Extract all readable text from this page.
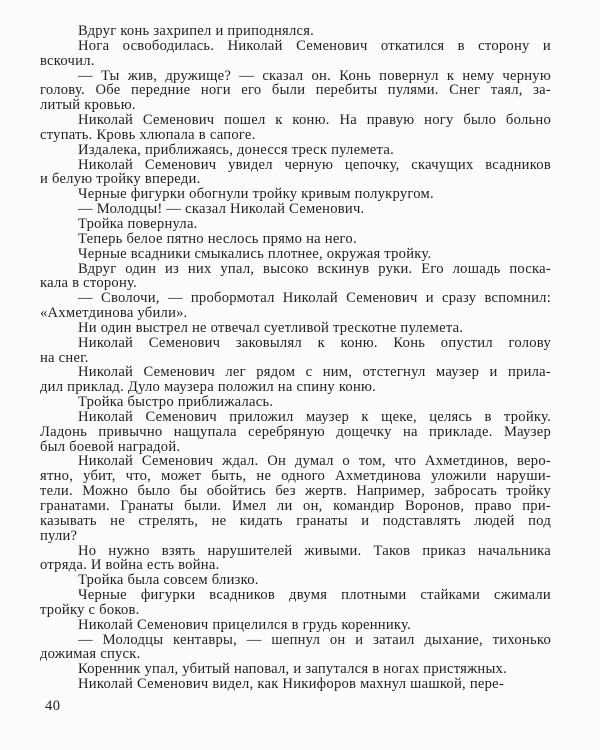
Вдруг конь захрипел и приподнялся.
Нога освободилась. Николай Семенович откатился в сторону и
вскочил.
— Ты жив, дружище? — сказал он. Конь повернул к нему черную
голову. Обе передние ноги его были перебиты пулями. Снег таял, за-
литый кровью.
Николай Семенович пошел к коню. На правую ногу было больно
ступать. Кровь хлюпала в сапоге.
Издалека, приближаясь, донесся треск пулемета.
Николай Семенович увидел черную цепочку, скачущих всадников
и белую тройку впереди.
Черные фигурки обогнули тройку кривым полукругом.
— Молодцы! — сказал Николай Семенович.
Тройка повернула.
Теперь белое пятно неслось прямо на него.
Черные всадники смыкались плотнее, окружая тройку.
Вдруг один из них упал, высоко вскинув руки. Его лошадь поска-
кала в сторону.
— Сволочи, — пробормотал Николай Семенович и сразу вспомнил:
«Ахметдинова убили».
Ни один выстрел не отвечал суетливой трескотне пулемета.
Николай Семенович заковылял к коню. Конь опустил голову
на снег.
Николай Семенович лег рядом с ним, отстегнул маузер и прила-
дил приклад. Дуло маузера положил на спину коню.
Тройка быстро приближалась.
Николай Семенович приложил маузер к щеке, целясь в тройку.
Ладонь привычно нащупала серебряную дощечку на прикладе. Маузер
был боевой наградой.
Николай Семенович ждал. Он думал о том, что Ахметдинов, веро-
ятно, убит, что, может быть, не одного Ахметдинова уложили наруши-
тели. Можно было бы обойтись без жертв. Например, забросать тройку
гранатами. Гранаты были. Имел ли он, командир Воронов, право при-
казывать не стрелять, не кидать гранаты и подставлять людей под
пули?
Но нужно взять нарушителей живыми. Таков приказ начальника
отряда. И война есть война.
Тройка была совсем близко.
Черные фигурки всадников двумя плотными стайками сжимали
тройку с боков.
Николай Семенович прицелился в грудь кореннику.
— Молодцы кентавры, — шепнул он и затаил дыхание, тихонько
дожимая спуск.
Коренник упал, убитый наповал, и запутался в ногах пристяжных.
Николай Семенович видел, как Никифоров махнул шашкой, пере-
40
